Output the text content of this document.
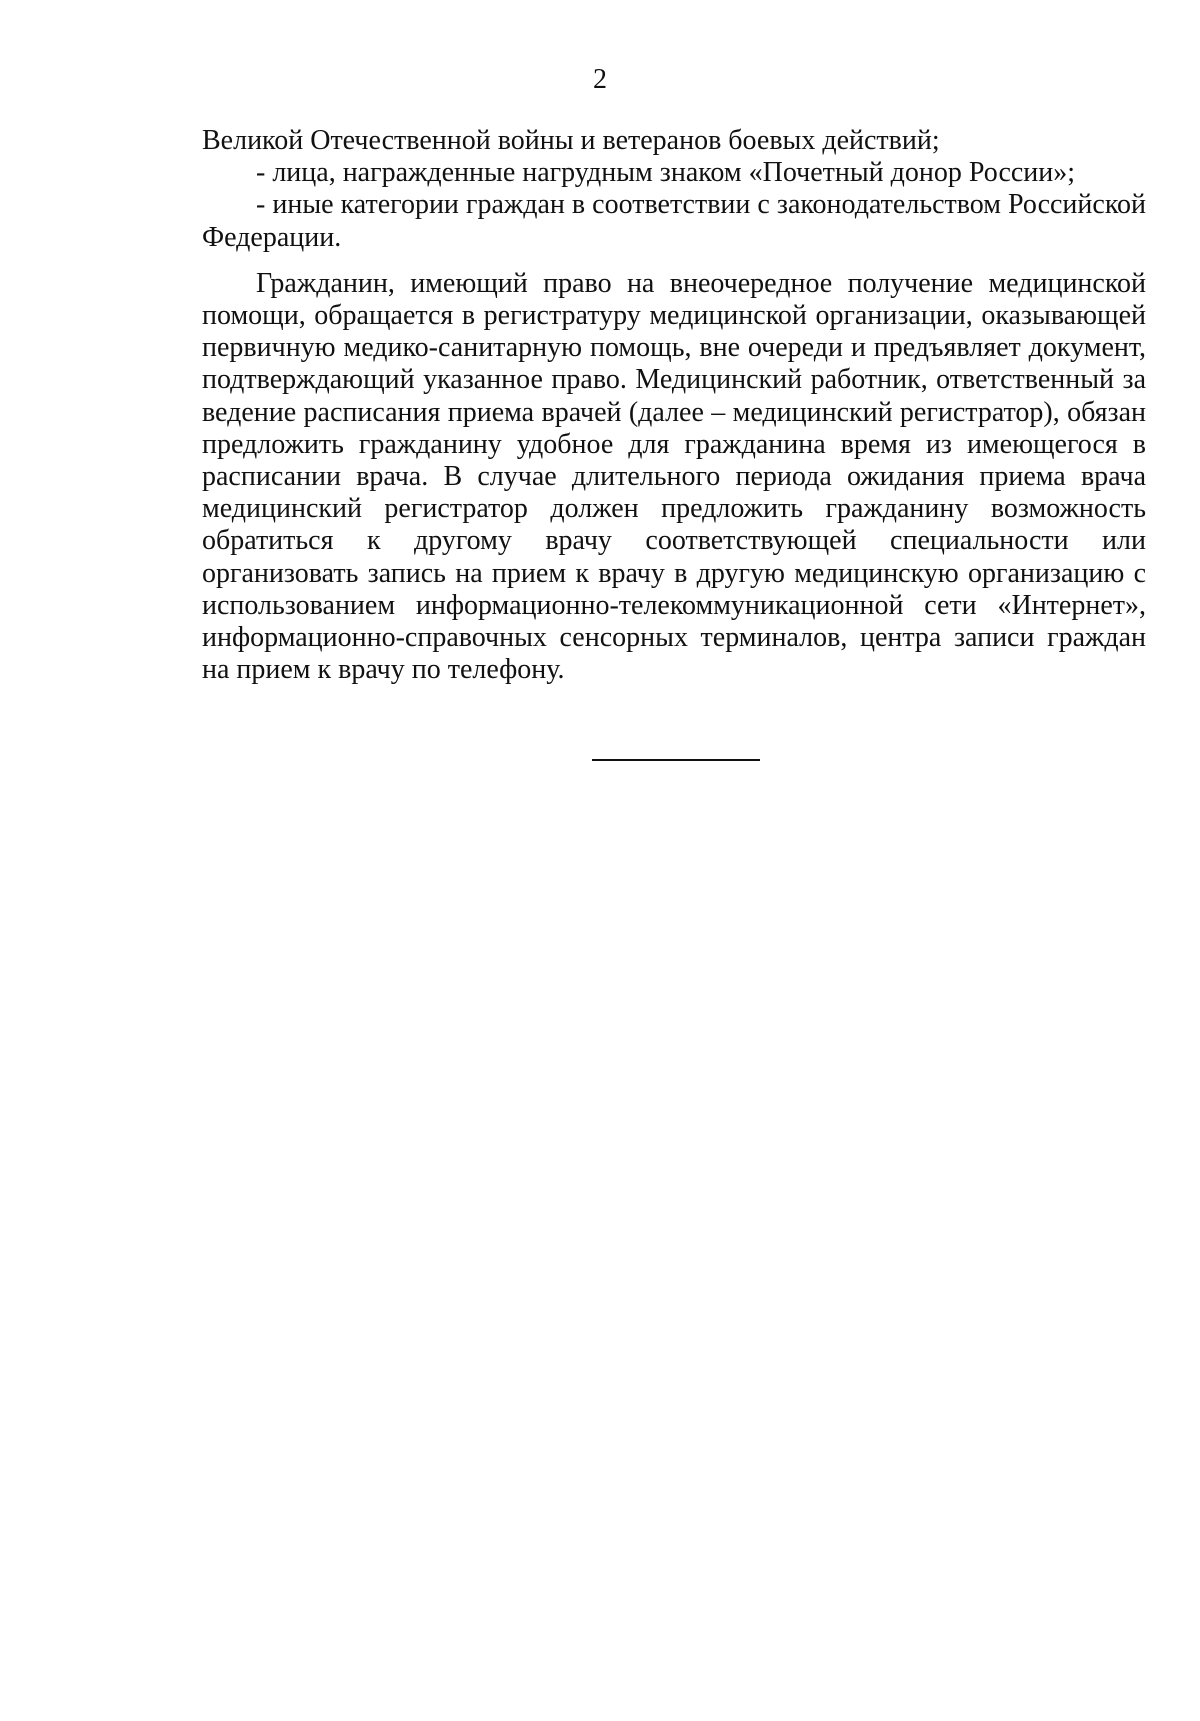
2

Великой Отечественной войны и ветеранов боевых действий;

- лица, награжденные нагрудным знаком «Почетный донор России»;

- иные категории граждан в соответствии с законодательством Российской Федерации.

Гражданин, имеющий право на внеочередное получение медицинской помощи, обращается в регистратуру медицинской организации, оказывающей первичную медико-санитарную помощь, вне очереди и предъявляет документ, подтверждающий указанное право. Медицинский работник, ответственный за ведение расписания приема врачей (далее – медицинский регистратор), обязан предложить гражданину удобное для гражданина время из имеющегося в расписании врача. В случае длительного периода ожидания приема врача медицинский регистратор должен предложить гражданину возможность обратиться к другому врачу соответствующей специальности или организовать запись на прием к врачу в другую медицинскую организацию с использованием информационно-телекоммуникационной сети «Интернет», информационно-справочных сенсорных терминалов, центра записи граждан на прием к врачу по телефону.
